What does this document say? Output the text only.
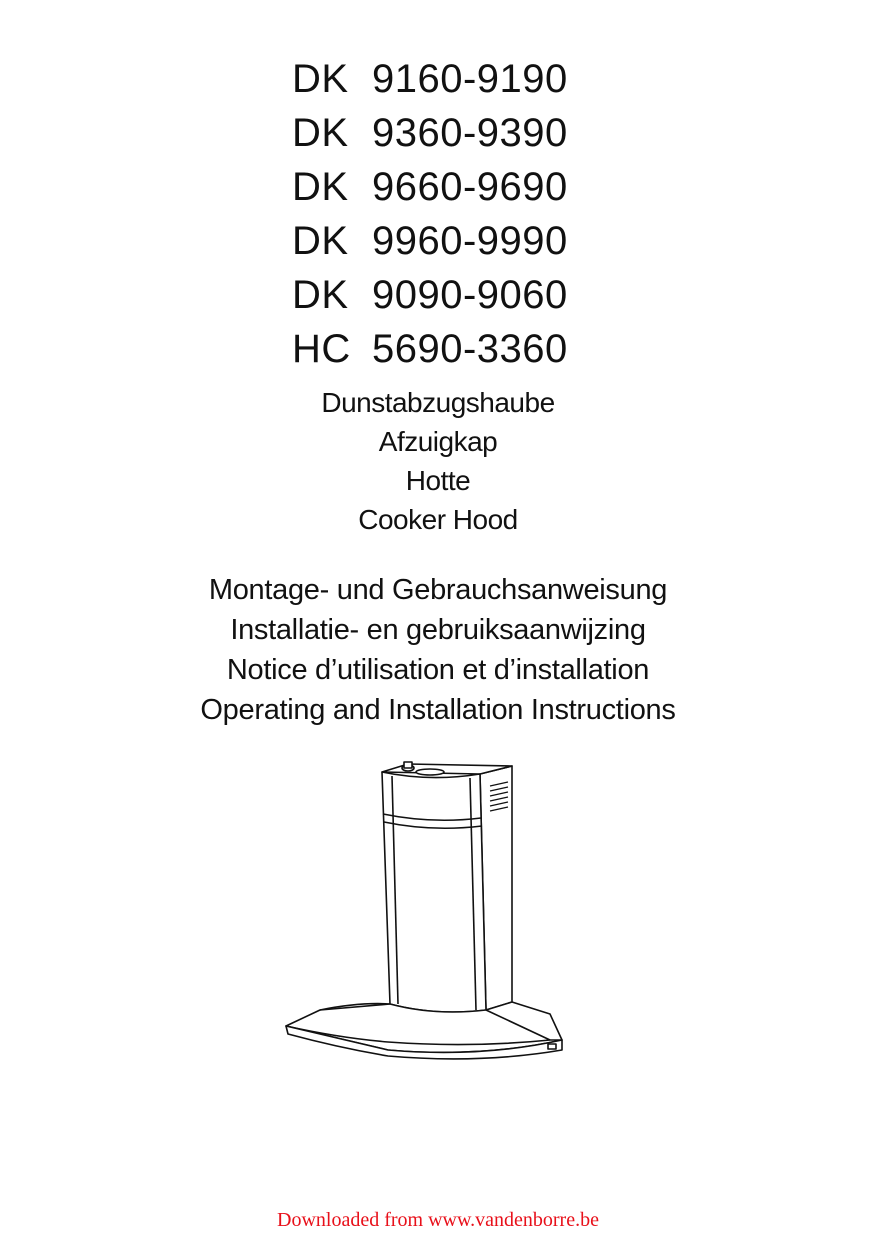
DK 9160-9190
DK 9360-9390
DK 9660-9690
DK 9960-9990
DK 9090-9060
HC 5690-3360
Dunstabzugshaube
Afzuigkap
Hotte
Cooker Hood
Montage- und Gebrauchsanweisung
Installatie- en gebruiksaanwijzing
Notice d’utilisation et d’installation
Operating and Installation Instructions
Downloaded from www.vandenborre.be
